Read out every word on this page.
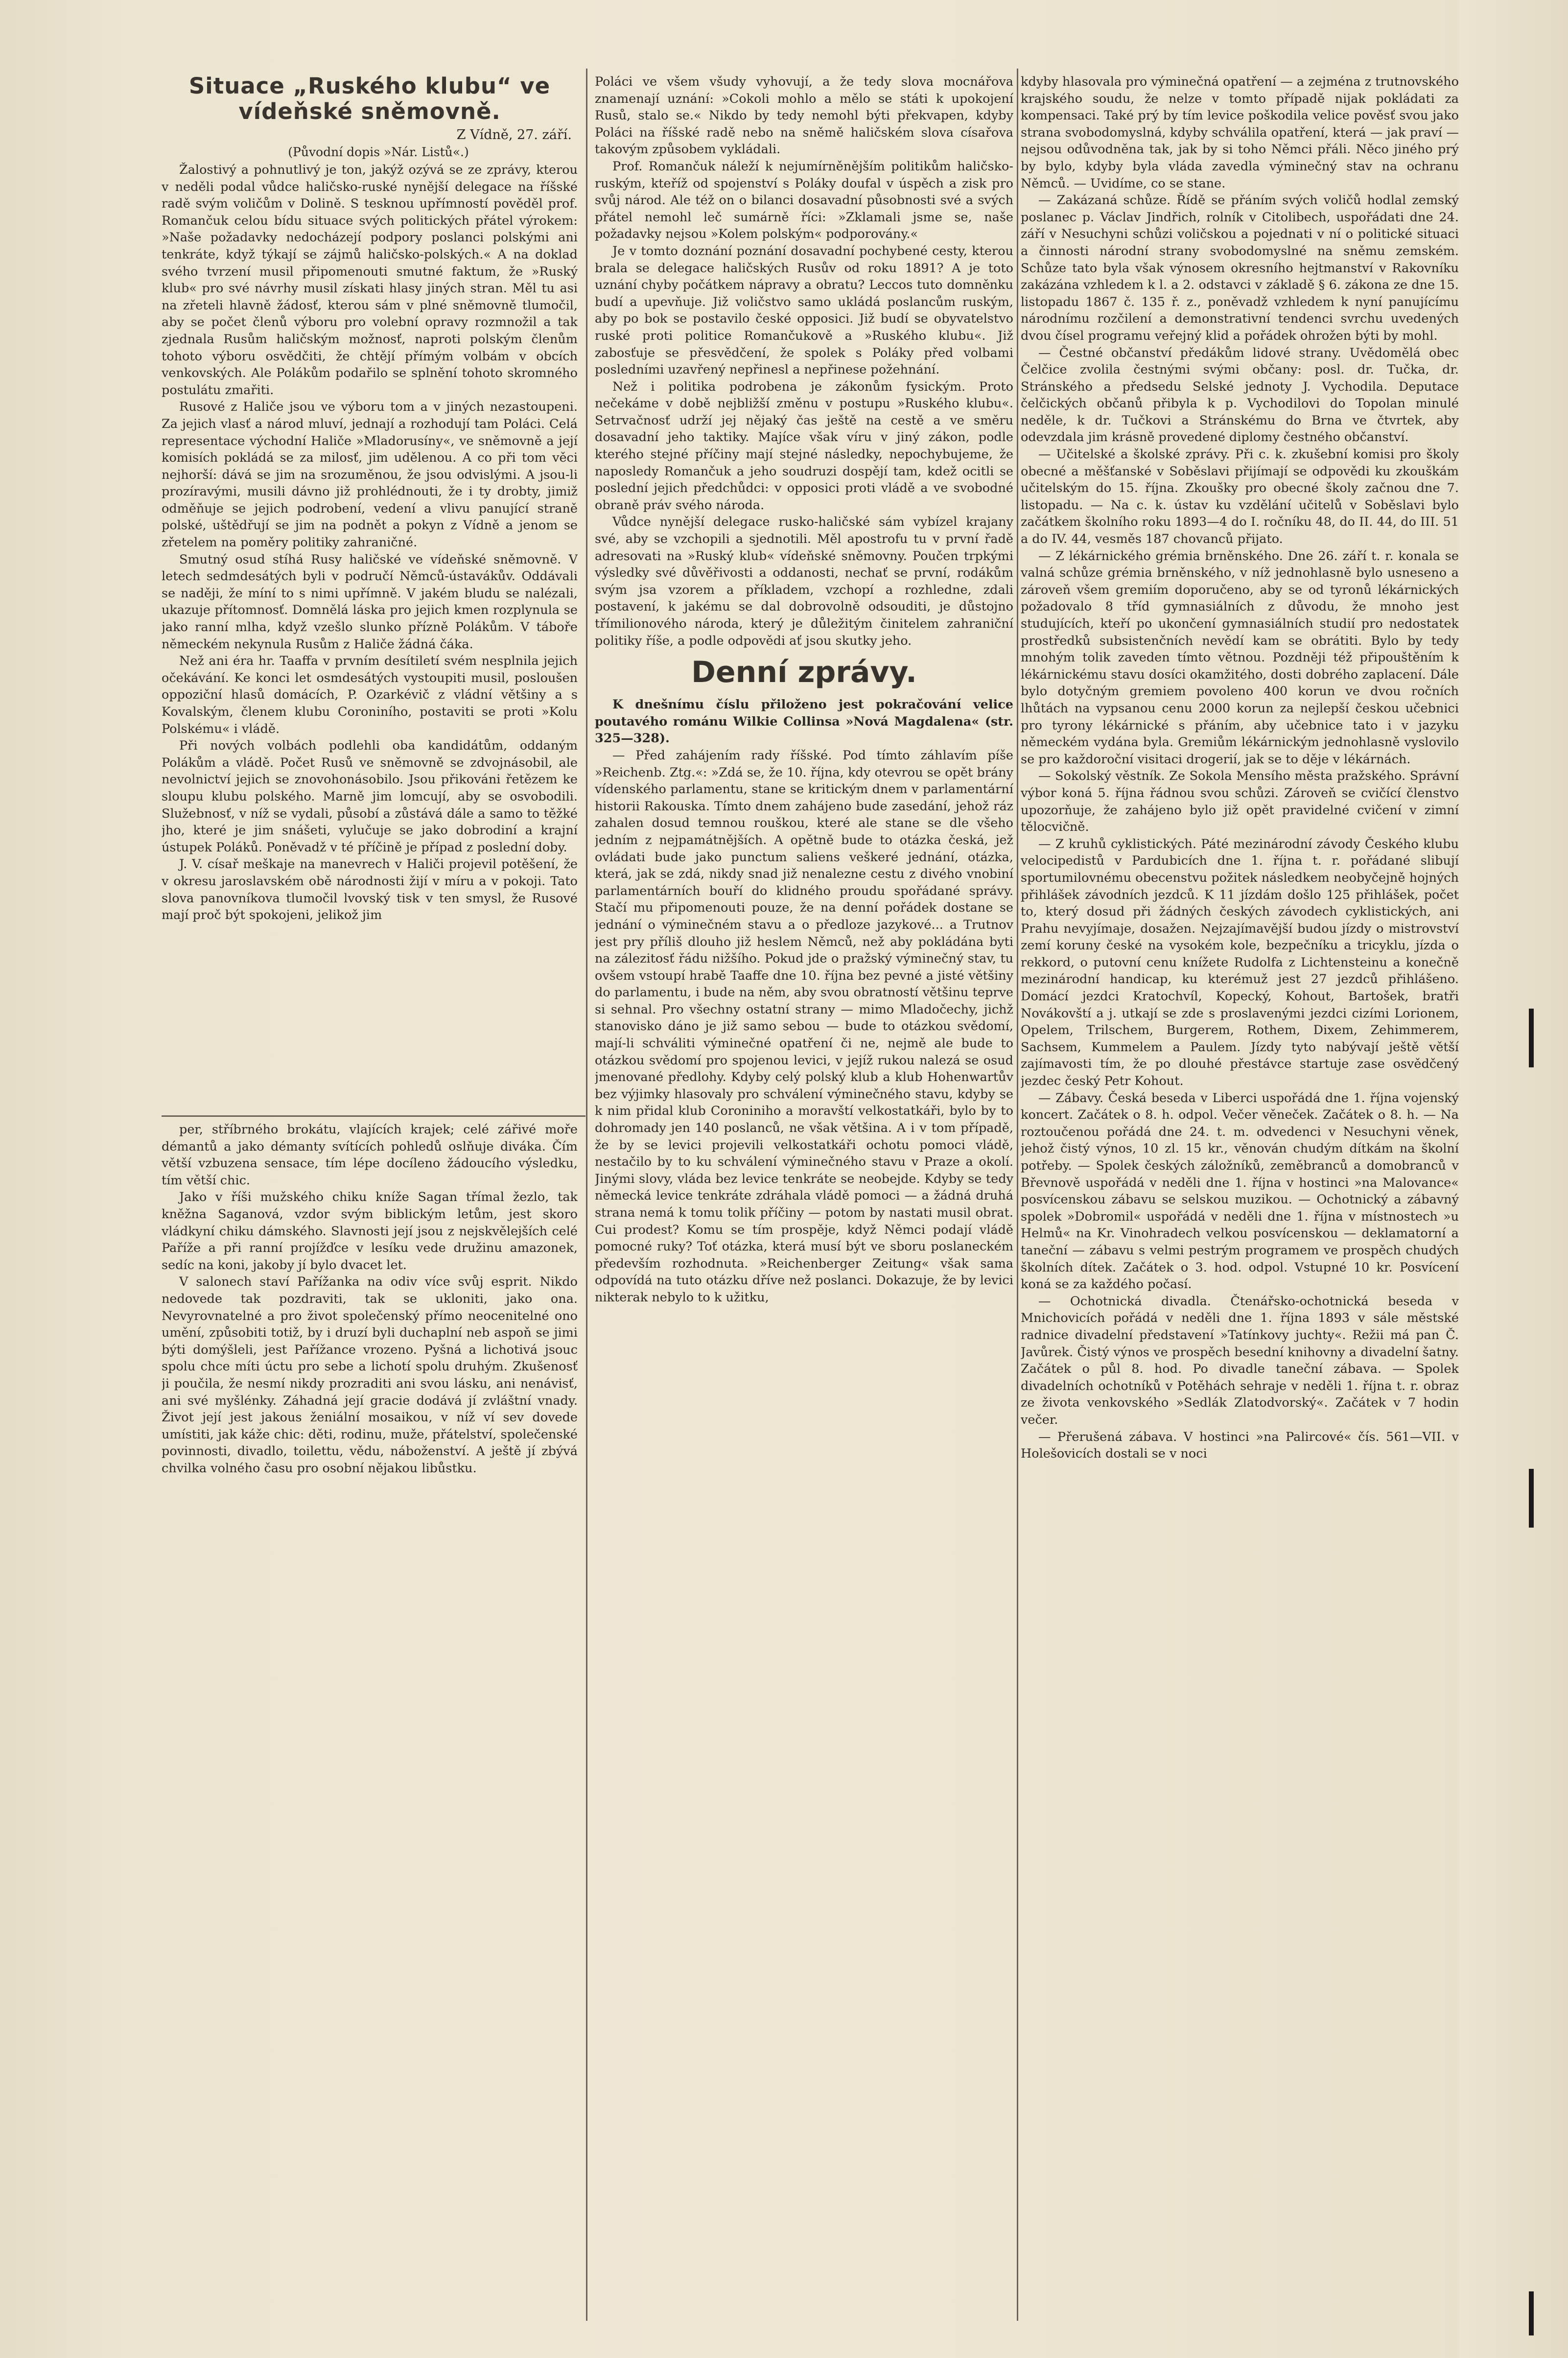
Situace „Ruského klubu“ ve vídeňské sněmovně.

Z Vídně, 27. září.

(Původní dopis »Nár. Listů«.)

Žalostivý a pohnutlivý je ton, jakýž ozývá se ze zprávy, kterou v neděli podal vůdce haličsko-ruské nynější delegace na říšské radě svým voličům v Dolině. S tesknou upřímností pověděl prof. Romančuk celou bídu situace svých politických přátel výrokem: »Naše požadavky nedocházejí podpory poslanci polskými ani tenkráte, když týkají se zájmů haličsko-polských.« A na doklad svého tvrzení musil připomenouti smutné faktum, že »Ruský klub« pro své návrhy musil získati hlasy jiných stran. Měl tu asi na zřeteli hlavně žádosť, kterou sám v plné sněmovně tlumočil, aby se počet členů výboru pro volební opravy rozmnožil a tak zjednala Rusům haličským možnosť, naproti polským členům tohoto výboru osvědčiti, že chtějí přímým volbám v obcích venkovských. Ale Polákům podařilo se splnění tohoto skromného postulátu zmařiti.

Rusové z Haliče jsou ve výboru tom a v jiných nezastoupeni. Za jejich vlasť a národ mluví, jednají a rozhodují tam Poláci. Celá representace východní Haliče »Mladorusíny«, ve sněmovně a její komisích pokládá se za milosť, jim udělenou. A co při tom věci nejhorší: dává se jim na srozuměnou, že jsou odvislými. A jsou-li prozíravými, musili dávno již prohlédnouti, že i ty drobty, jimiž odměňuje se jejich podrobení, vedení a vlivu panující straně polské, uštědřují se jim na podnět a pokyn z Vídně a jenom se zřetelem na poměry politiky zahraničné.

Smutný osud stíhá Rusy haličské ve vídeňské sněmovně. V letech sedmdesátých byli v područí Němců-ústavákův. Oddávali se naději, že míní to s nimi upřímně. V jakém bludu se nalézali, ukazuje přítomnosť. Domnělá láska pro jejich kmen rozplynula se jako ranní mlha, když vzešlo slunko přízně Polákům. V táboře německém nekynula Rusům z Haliče žádná čáka.

Než ani éra hr. Taaffa v prvním desítiletí svém nesplnila jejich očekávání. Ke konci let osmdesátých vystoupiti musil, posloušen oppoziční hlasů domácích, P. Ozarkévič z vládní většiny a s Kovalským, členem klubu Coroniního, postaviti se proti »Kolu Polskému« i vládě.

Při nových volbách podlehli oba kandidátům, oddaným Polákům a vládě. Počet Rusů ve sněmovně se zdvojnásobil, ale nevolnictví jejich se znovohonásobilo. Jsou přikováni řetězem ke sloupu klubu polského. Marně jim lomcují, aby se osvobodili. Služebnosť, v níž se vydali, působí a zůstává dále a samo to těžké jho, které je jim snášeti, vylučuje se jako dobrodiní a krajní ústupek Poláků. Poněvadž v té příčině je případ z poslední doby.

J. V. císař meškaje na manevrech v Haliči projevil potěšení, že v okresu jaroslavském obě národnosti žijí v míru a v pokoji. Tato slova panovníkova tlumočil lvovský tisk v ten smysl, že Rusové mají proč být spokojeni, jelikož jim

per, stříbrného brokátu, vlajících krajek; celé zářivé moře démantů a jako démanty svítících pohledů oslňuje diváka. Čím větší vzbuzena sensace, tím lépe docíleno žádoucího výsledku, tím větší chic.

Jako v říši mužského chiku kníže Sagan třímal žezlo, tak kněžna Saganová, vzdor svým biblickým letům, jest skoro vládkyní chiku dámského. Slavnosti její jsou z nejskvělejších celé Paříže a při ranní projížďce v lesíku vede družinu amazonek, sedíc na koni, jakoby jí bylo dvacet let.

V salonech staví Pařížanka na odiv více svůj esprit. Nikdo nedovede tak pozdraviti, tak se ukloniti, jako ona. Nevyrovnatelné a pro život společenský přímo neocenitelné ono umění, způsobiti totiž, by i druzí byli duchaplní neb aspoň se jimi býti domýšleli, jest Pařížance vrozeno. Pyšná a lichotivá jsouc spolu chce míti úctu pro sebe a lichotí spolu druhým. Zkušenosť ji poučila, že nesmí nikdy prozraditi ani svou lásku, ani nenávisť, ani své myšlénky. Záhadná její gracie dodává jí zvláštní vnady. Život její jest jakous ženiální mosaikou, v níž ví sev dovede umístiti, jak káže chic: děti, rodinu, muže, přátelství, společenské povinnosti, divadlo, toilettu, vědu, náboženství. A ještě jí zbývá chvilka volného času pro osobní nějakou libůstku.

Poláci ve všem všudy vyhovují, a že tedy slova mocnářova znamenají uznání: »Cokoli mohlo a mělo se státi k upokojení Rusů, stalo se.« Nikdo by tedy nemohl býti překvapen, kdyby Poláci na říšské radě nebo na sněmě haličském slova císařova takovým způsobem vykládali.

Prof. Romančuk náleží k nejumírněnějším politikům haličsko-ruským, kteříž od spojenství s Poláky doufal v úspěch a zisk pro svůj národ. Ale též on o bilanci dosavadní působnosti své a svých přátel nemohl leč sumárně říci: »Zklamali jsme se, naše požadavky nejsou »Kolem polským« podporovány.«

Je v tomto doznání poznání dosavadní pochybené cesty, kterou brala se delegace haličských Rusův od roku 1891? A je toto uznání chyby počátkem nápravy a obratu? Leccos tuto domněnku budí a upevňuje. Již voličstvo samo ukládá poslancům ruským, aby po bok se postavilo české opposici. Již budí se obyvatelstvo ruské proti politice Romančukově a »Ruského klubu«. Již zabosťuje se přesvědčení, že spolek s Poláky před volbami posledními uzavřený nepřinesl a nepřinese požehnání.

Než i politika podrobena je zákonům fysickým. Proto nečekáme v době nejbližší změnu v postupu »Ruského klubu«. Setrvačnosť udrží jej nějaký čas ještě na cestě a ve směru dosavadní jeho taktiky. Majíce však víru v jiný zákon, podle kterého stejné příčiny mají stejné následky, nepochybujeme, že naposledy Romančuk a jeho soudruzi dospějí tam, kdež ocitli se poslední jejich předchůdci: v opposici proti vládě a ve svobodné obraně práv svého národa.

Vůdce nynější delegace rusko-haličské sám vybízel krajany své, aby se vzchopili a sjednotili. Měl apostrofu tu v první řadě adresovati na »Ruský klub« vídeňské sněmovny. Poučen trpkými výsledky své důvěřivosti a oddanosti, nechať se první, rodákům svým jsa vzorem a příkladem, vzchopí a rozhledne, zdali postavení, k jakému se dal dobrovolně odsouditi, je důstojno třímilionového národa, který je důležitým činitelem zahraniční politiky říše, a podle odpovědi ať jsou skutky jeho.

Denní zprávy.

K dnešnímu číslu přiloženo jest pokračování velice poutavého románu Wilkie Collinsa »Nová Magdalena« (str. 325—328).

— Před zahájením rady říšské. Pod tímto záhlavím píše »Reichenb. Ztg.«: »Zdá se, že 10. října, kdy otevrou se opět brány vídenského parlamentu, stane se kritickým dnem v parlamentární historii Rakouska. Tímto dnem zahájeno bude zasedání, jehož ráz zahalen dosud temnou rouškou, které ale stane se dle všeho jedním z nejpamátnějších. A opětně bude to otázka česká, jež ovládati bude jako punctum saliens veškeré jednání, otázka, která, jak se zdá, nikdy snad již nenalezne cestu z divého vnobiní parlamentárních bouří do klidného proudu spořádané správy. Stačí mu připomenouti pouze, že na denní pořádek dostane se jednání o výminečném stavu a o předloze jazykové... a Trutnov jest pry příliš dlouho již heslem Němců, než aby pokládána byti na zálezitosť řádu nižšího. Pokud jde o pražský výminečný stav, tu ovšem vstoupí hrabě Taaffe dne 10. října bez pevné a jisté většiny do parlamentu, i bude na něm, aby svou obratností většinu teprve si sehnal. Pro všechny ostatní strany — mimo Mladočechy, jichž stanovisko dáno je již samo sebou — bude to otázkou svědomí, mají-li schváliti výminečné opatření či ne, nejmě ale bude to otázkou svědomí pro spojenou levici, v jejíž rukou nalezá se osud jmenované předlohy. Kdyby celý polský klub a klub Hohenwartův bez výjimky hlasovaly pro schválení výminečného stavu, kdyby se k nim přidal klub Coroniniho a moravští velkostatkáři, bylo by to dohromady jen 140 poslanců, ne však většina. A i v tom případě, že by se levici projevili velkostatkáři ochotu pomoci vládě, nestačilo by to ku schválení výminečného stavu v Praze a okolí. Jinými slovy, vláda bez levice tenkráte se neobejde. Kdyby se tedy německá levice tenkráte zdráhala vládě pomoci — a žádná druhá strana nemá k tomu tolik příčiny — potom by nastati musil obrat. Cui prodest? Komu se tím prospěje, když Němci podají vládě pomocné ruky? Toť otázka, která musí být ve sboru poslaneckém především rozhodnuta. »Reichenberger Zeitung« však sama odpovídá na tuto otázku dříve než poslanci. Dokazuje, že by levici nikterak nebylo to k užitku,

kdyby hlasovala pro výminečná opatření — a zejména z trutnovského krajského soudu, že nelze v tomto případě nijak pokládati za kompensaci. Také prý by tím levice poškodila velice pověsť svou jako strana svobodomyslná, kdyby schválila opatření, která — jak praví — nejsou odůvodněna tak, jak by si toho Němci přáli. Něco jiného prý by bylo, kdyby byla vláda zavedla výminečný stav na ochranu Němců. — Uvidíme, co se stane.

— Zakázaná schůze. Řídě se přáním svých voličů hodlal zemský poslanec p. Václav Jindřich, rolník v Citolibech, uspořádati dne 24. září v Nesuchyni schůzi voličskou a pojednati v ní o politické situaci a činnosti národní strany svobodomyslné na sněmu zemském. Schůze tato byla však výnosem okresního hejtmanství v Rakovníku zakázána vzhledem k l. a 2. odstavci v základě § 6. zákona ze dne 15. listopadu 1867 č. 135 ř. z., poněvadž vzhledem k nyní panujícímu národnímu rozčilení a demonstrativní tendenci svrchu uvedených dvou čísel programu veřejný klid a pořádek ohrožen býti by mohl.

— Čestné občanství předákům lidové strany. Uvědomělá obec Čelčice zvolila čestnými svými občany: posl. dr. Tučka, dr. Stránského a předsedu Selské jednoty J. Vychodila. Deputace čelčických občanů přibyla k p. Vychodilovi do Topolan minulé neděle, k dr. Tučkovi a Stránskému do Brna ve čtvrtek, aby odevzdala jim krásně provedené diplomy čestného občanství.

— Učitelské a školské zprávy. Při c. k. zkušební komisi pro školy obecné a měšťanské v Soběslavi přijímají se odpovědi ku zkouškám učitelským do 15. října. Zkoušky pro obecné školy začnou dne 7. listopadu. — Na c. k. ústav ku vzdělání učitelů v Soběslavi bylo začátkem školního roku 1893—4 do I. ročníku 48, do II. 44, do III. 51 a do IV. 44, vesměs 187 chovanců přijato.

— Z lékárnického grémia brněnského. Dne 26. září t. r. konala se valná schůze grémia brněnského, v níž jednohlasně bylo usneseno a zároveň všem gremiím doporučeno, aby se od tyronů lékárnických požadovalo 8 tříd gymnasiálních z důvodu, že mnoho jest studujících, kteří po ukončení gymnasiálních studií pro nedostatek prostředků subsistenčních nevědí kam se obrátiti. Bylo by tedy mnohým tolik zaveden tímto větnou. Pozdněji též připouštěním k lékárnickému stavu dosíci okamžitého, dosti dobrého zaplacení. Dále bylo dotyčným gremiem povoleno 400 korun ve dvou ročních lhůtách na vypsanou cenu 2000 korun za nejlepší českou učebnici pro tyrony lékárnické s přáním, aby učebnice tato i v jazyku německém vydána byla. Gremiům lékárnickým jednohlasně vyslovilo se pro každoroční visitaci drogerií, jak se to děje v lékárnách.

— Sokolský věstník. Ze Sokola Mensího města pražského. Správní výbor koná 5. října řádnou svou schůzi. Zároveň se cvičící členstvo upozorňuje, že zahájeno bylo již opět pravidelné cvičení v zimní tělocvičně.

— Z kruhů cyklistických. Páté mezinárodní závody Českého klubu velocipedistů v Pardubicích dne 1. října t. r. pořádané slibují sportumilovnému obecenstvu požitek následkem neobyčejně hojných přihlášek závodních jezdců. K 11 jízdám došlo 125 přihlášek, počet to, který dosud při žádných českých závodech cyklistických, ani Prahu nevyjímaje, dosažen. Nejzajímavější budou jízdy o mistrovství zemí koruny české na vysokém kole, bezpečníku a tricyklu, jízda o rekkord, o putovní cenu knížete Rudolfa z Lichtensteinu a konečně mezinárodní handicap, ku kterémuž jest 27 jezdců přihlášeno. Domácí jezdci Kratochvíl, Kopecký, Kohout, Bartošek, bratři Novákovští a j. utkají se zde s proslavenými jezdci cizími Lorionem, Opelem, Trilschem, Burgerem, Rothem, Dixem, Zehimmerem, Sachsem, Kummelem a Paulem. Jízdy tyto nabývají ještě větší zajímavosti tím, že po dlouhé přestávce startuje zase osvědčený jezdec český Petr Kohout.

— Zábavy. Česká beseda v Liberci uspořádá dne 1. října vojenský koncert. Začátek o 8. h. odpol. Večer věneček. Začátek o 8. h. — Na roztoučenou pořádá dne 24. t. m. odvedenci v Nesuchyni věnek, jehož čistý výnos, 10 zl. 15 kr., věnován chudým dítkám na školní potřeby. — Spolek českých záložníků, zeměbranců a domobranců v Břevnově uspořádá v neděli dne 1. října v hostinci »na Malovance« posvícenskou zábavu se selskou muzikou. — Ochotnický a zábavný spolek »Dobromil« uspořádá v neděli dne 1. října v místnostech »u Helmů« na Kr. Vinohradech velkou posvícenskou — deklamatorní a taneční — zábavu s velmi pestrým programem ve prospěch chudých školních dítek. Začátek o 3. hod. odpol. Vstupné 10 kr. Posvícení koná se za každého počasí.

— Ochotnická divadla. Čtenářsko-ochotnická beseda v Mnichovicích pořádá v neděli dne 1. října 1893 v sále městské radnice divadelní představení »Tatínkovy juchty«. Režii má pan Č. Javůrek. Čistý výnos ve prospěch besední knihovny a divadelní šatny. Začátek o půl 8. hod. Po divadle taneční zábava. — Spolek divadelních ochotníků v Potěhách sehraje v neděli 1. října t. r. obraz ze života venkovského »Sedlák Zlatodvorský«. Začátek v 7 hodin večer.

— Přerušená zábava. V hostinci »na Palircové« čís. 561—VII. v Holešovicích dostali se v noci
